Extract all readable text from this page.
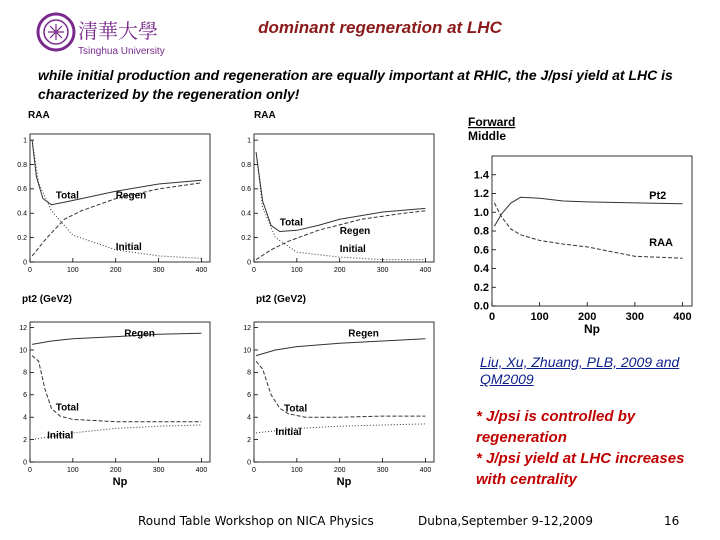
清華大學
Tsinghua University
dominant regeneration at LHC
while initial production and regeneration are equally important at RHIC, the J/psi yield at LHC is characterized by the regeneration only!
0	100	200	300	400
0
0.2
0.4
0.6
0.8
1
RAA
Total	Regen
Initial
0	100	200	300	400
0
0.2
0.4
0.6
0.8
1
RAA
Total
Regen
Initial
0	100	200	300	400
0
2
4
6
8
10
12
pt2 (GeV2)
Np
Regen
Total
Initial
0	100	200	300	400
0
2
4
6
8
10
12
pt2 (GeV2)
Np
Regen
Total
Initial
0	100	200	300	400
0.0
0.2
0.4
0.6
0.8
1.0
1.2
1.4
Np
Forward
Middle
Pt2
RAA
Liu, Xu, Zhuang, PLB, 2009 and QM2009
* J/psi is controlled by regeneration
* J/psi yield at LHC increases with centrality
Round Table Workshop on NICA Physics	Dubna,September 9-12,2009	16
